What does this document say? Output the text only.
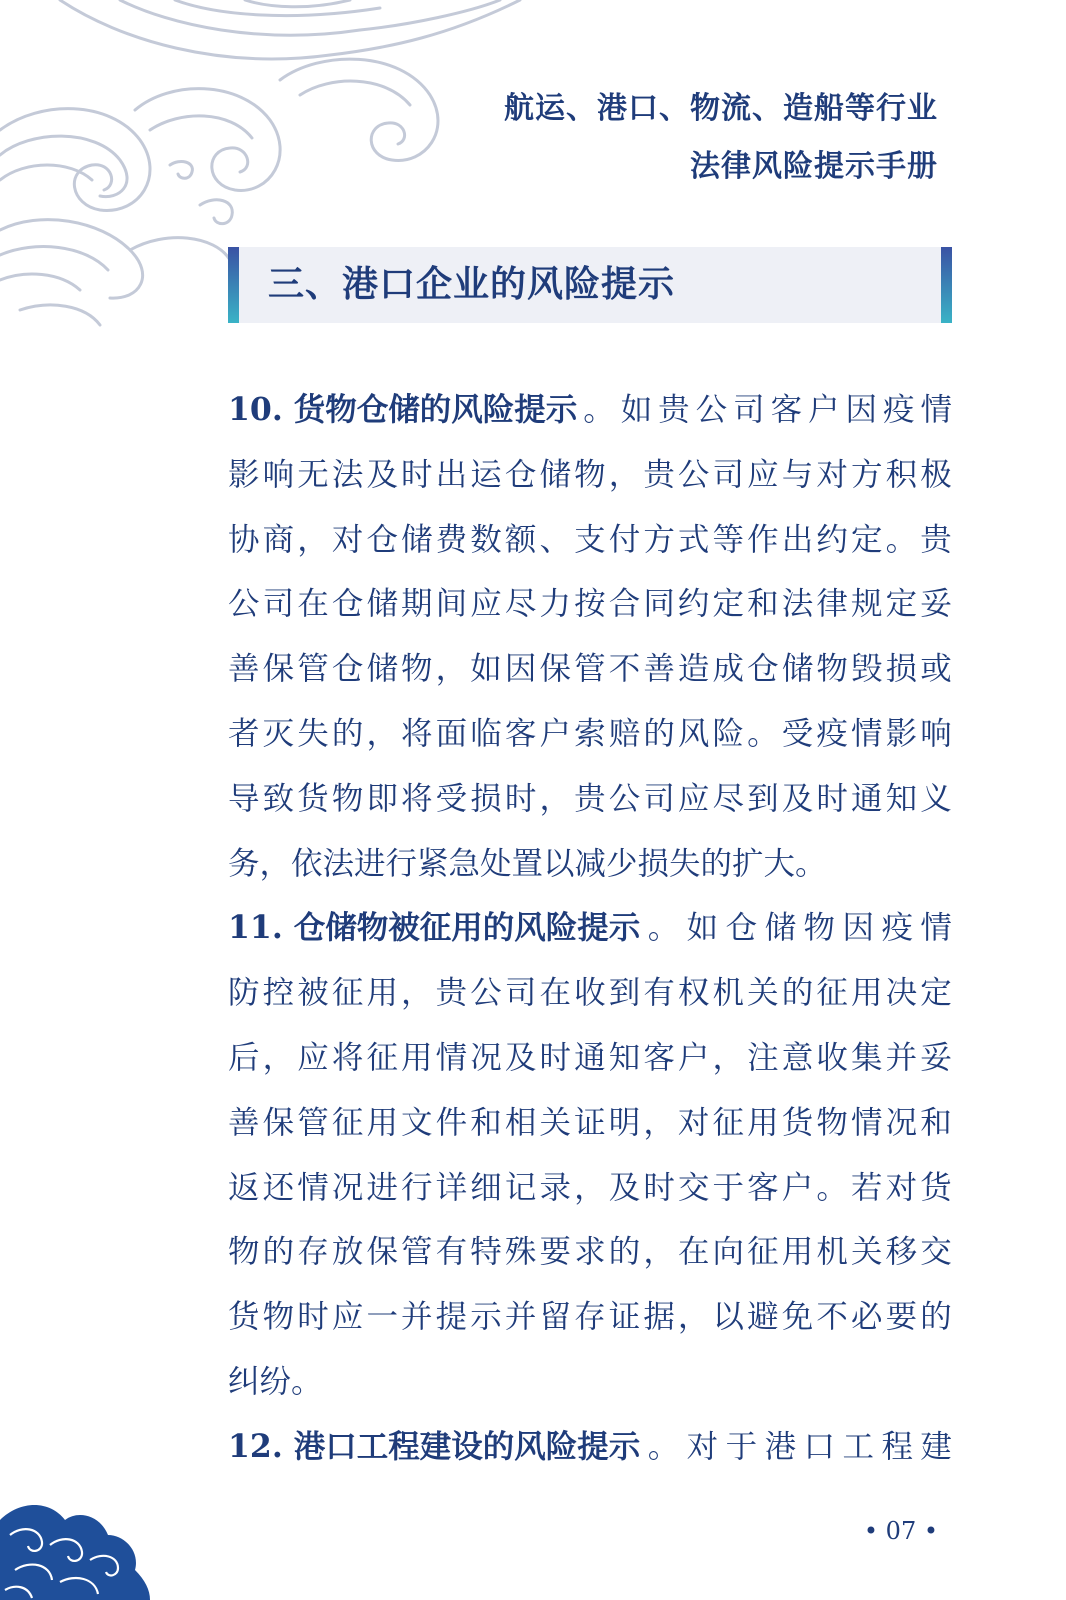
航运、港口、物流、造船等行业
法律风险提示手册
三、港口企业的风险提示
10. 货物仓储的风险提示 。 如 贵 公 司 客 户 因 疫 情
影 响 无 法 及 时 出 运 仓 储 物 ， 贵 公 司 应 与 对 方 积 极
协 商 ， 对 仓 储 费 数 额 、 支 付 方 式 等 作 出 约 定 。 贵
公 司 在 仓 储 期 间 应 尽 力 按 合 同 约 定 和 法 律 规 定 妥
善 保 管 仓 储 物 ， 如 因 保 管 不 善 造 成 仓 储 物 毁 损 或
者 灭 失 的 ， 将 面 临 客 户 索 赔 的 风 险 。 受 疫 情 影 响
导 致 货 物 即 将 受 损 时 ， 贵 公 司 应 尽 到 及 时 通 知 义
务，依法进行紧急处置以减少损失的扩大。
11. 仓储物被征用的风险提示 。 如 仓 储 物 因 疫 情
防 控 被 征 用 ， 贵 公 司 在 收 到 有 权 机 关 的 征 用 决 定
后 ， 应 将 征 用 情 况 及 时 通 知 客 户 ， 注 意 收 集 并 妥
善 保 管 征 用 文 件 和 相 关 证 明 ， 对 征 用 货 物 情 况 和
返 还 情 况 进 行 详 细 记 录 ， 及 时 交 于 客 户 。 若 对 货
物 的 存 放 保 管 有 特 殊 要 求 的 ， 在 向 征 用 机 关 移 交
货 物 时 应 一 并 提 示 并 留 存 证 据 ， 以 避 免 不 必 要 的
纠纷。
12. 港口工程建设的风险提示 。 对 于 港 口 工 程 建
• 07 •
